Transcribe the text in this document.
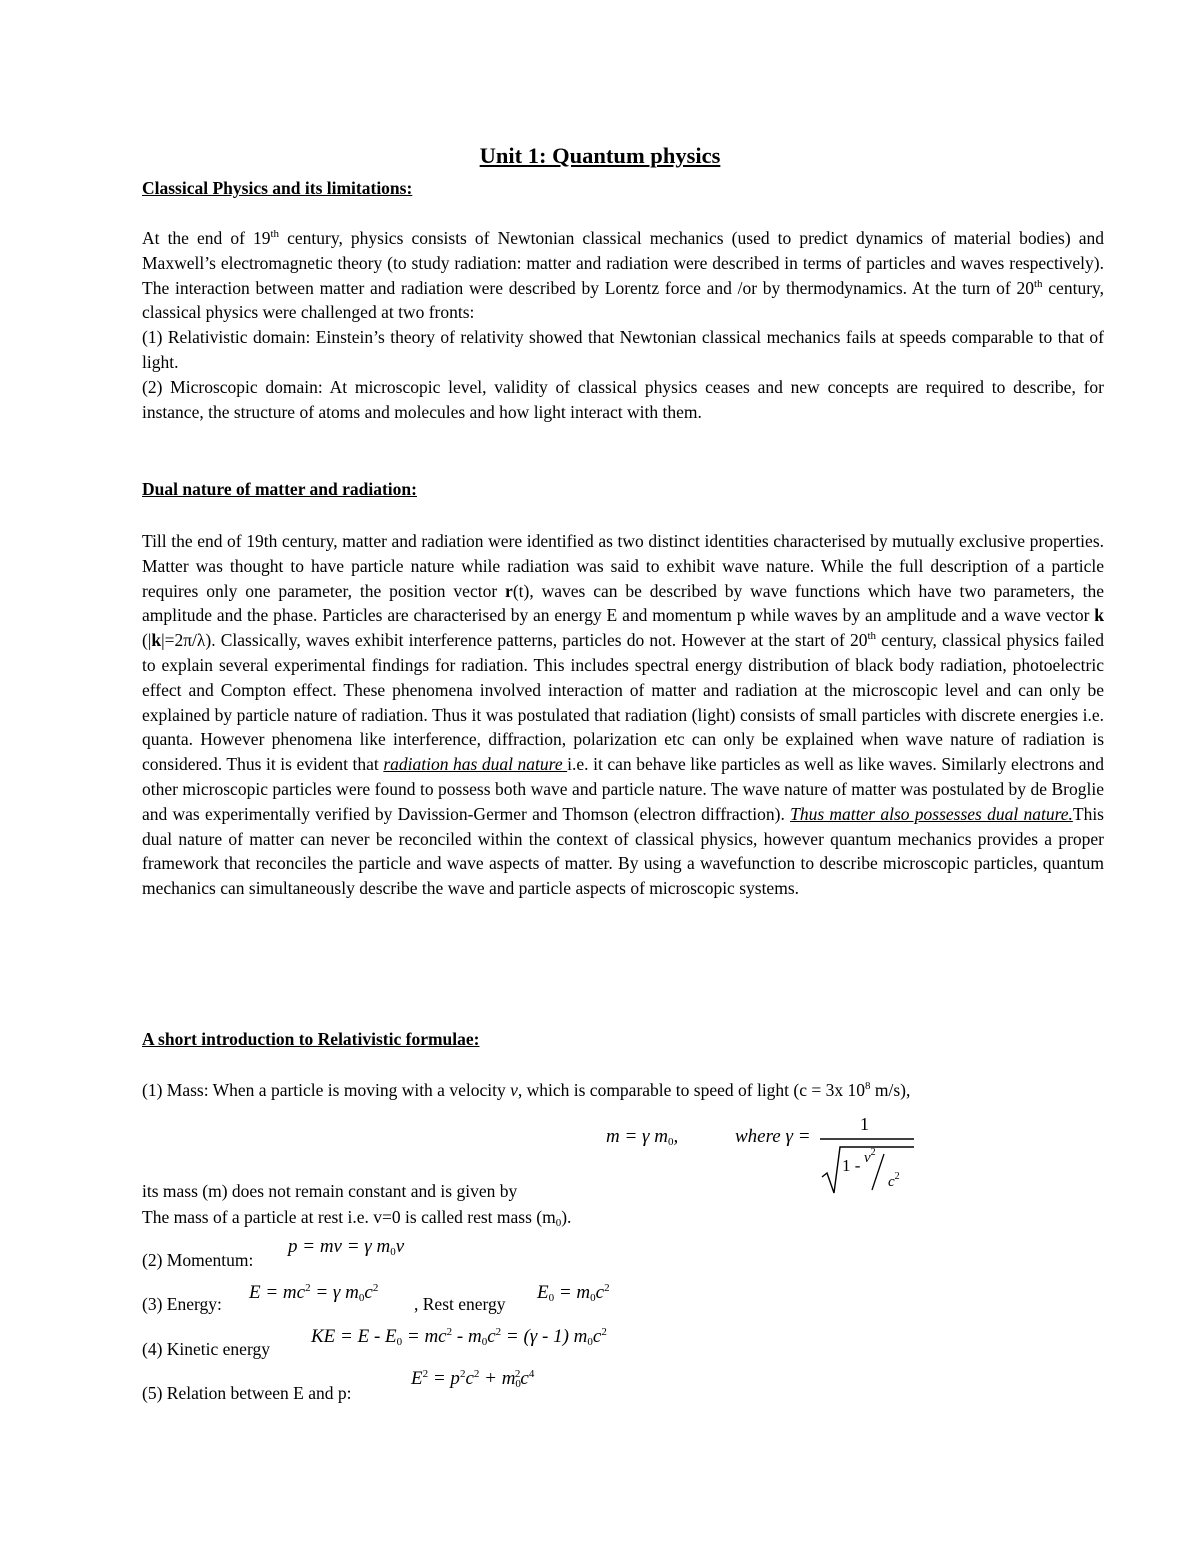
Unit 1: Quantum physics
Classical Physics and its limitations:

At the end of 19th century, physics consists of Newtonian classical mechanics (used to predict dynamics of material bodies) and Maxwell’s electromagnetic theory (to study radiation: matter and radiation were described in terms of particles and waves respectively). The interaction between matter and radiation were described by Lorentz force and /or by thermodynamics. At the turn of 20th century, classical physics were challenged at two fronts:

(1) Relativistic domain: Einstein’s theory of relativity showed that Newtonian classical mechanics fails at speeds comparable to that of light.

(2) Microscopic domain: At microscopic level, validity of classical physics ceases and new concepts are required to describe, for instance, the structure of atoms and molecules and how light interact with them.

Dual nature of matter and radiation:

Till the end of 19th century, matter and radiation were identified as two distinct identities characterised by mutually exclusive properties. Matter was thought to have particle nature while radiation was said to exhibit wave nature. While the full description of a particle requires only one parameter, the position vector r(t), waves can be described by wave functions which have two parameters, the amplitude and the phase. Particles are characterised by an energy E and momentum p while waves by an amplitude and a wave vector k (|k|=2π/λ). Classically, waves exhibit interference patterns, particles do not. However at the start of 20th century, classical physics failed to explain several experimental findings for radiation. This includes spectral energy distribution of black body radiation, photoelectric effect and Compton effect. These phenomena involved interaction of matter and radiation at the microscopic level and can only be explained by particle nature of radiation. Thus it was postulated that radiation (light) consists of small particles with discrete energies i.e. quanta. However phenomena like interference, diffraction, polarization etc can only be explained when wave nature of radiation is considered. Thus it is evident that radiation has dual nature i.e. it can behave like particles as well as like waves. Similarly electrons and other microscopic particles were found to possess both wave and particle nature. The wave nature of matter was postulated by de Broglie and was experimentally verified by Davission-Germer and Thomson (electron diffraction). Thus matter also possesses dual nature.This dual nature of matter can never be reconciled within the context of classical physics, however quantum mechanics provides a proper framework that reconciles the particle and wave aspects of matter. By using a wavefunction to describe microscopic particles, quantum mechanics can simultaneously describe the wave and particle aspects of microscopic systems.

A short introduction to Relativistic formulae:
(1) Mass: When a particle is moving with a velocity v, which is comparable to speed of light (c = 3x $10^8$ m/s),
m = γ $m_0$,	where γ =
1
$1 - v^2$
$c^2$
its mass (m) does not remain constant and is given by
The mass of a particle at rest i.e. v=0 is called rest mass $(m_0)$.
(2) Momentum:
p = mv = γ $m_0v$
(3) Energy:
$E = mc^2 = \gamma$ $m_0c^2$
, Rest energy
$E_0 = m_0c^2$
(4) Kinetic energy
KE = $E - E_0 = mc^2 - m_0c^2 = (\gamma - 1)$ $m_0c^2$
(5) Relation between E and p:
$E^2 = p^2c^2 + m_0^2c^4$
